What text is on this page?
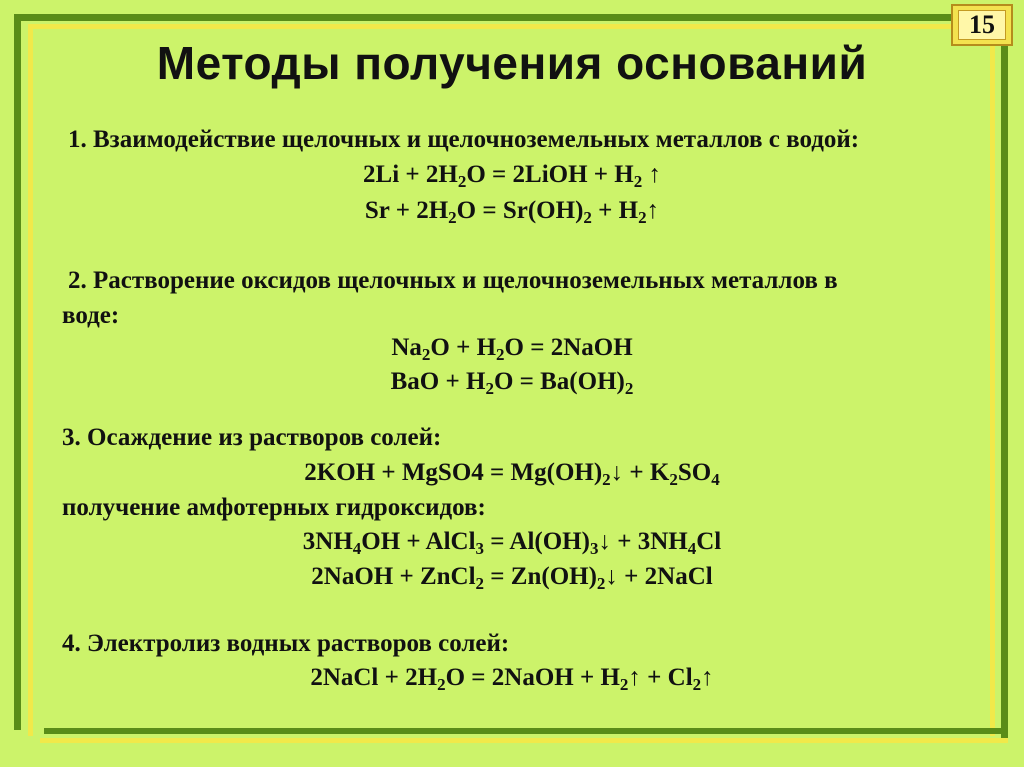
15
Методы получения оснований
1. Взаимодействие щелочных и щелочноземельных металлов с водой:
$2Li + 2H_2O$ = 2LiOH + $H_2$ ↑
$Sr + 2H_2O = Sr(OH)_2$ + $H_2↑$
2. Растворение оксидов щелочных и щелочноземельных металлов в
воде:
$Na_2O + H_2O$ = 2NaOH
BaO + $H_2O = Ba(OH)_2$
3. Осаждение из растворов солей:
2KOH + MgSO4 = $Mg(OH)_2↓ + K_2SO_4$
получение амфотерных гидроксидов:
$3NH_4OH$ + AlCl$_3$ = $Al(OH)_3↓ + 3NH_4Cl$
2NaOH + ZnCl$_2$ = $Zn(OH)_2↓$ + 2NaCl
4. Электролиз водных растворов солей:
2NaCl + $2H_2O$ = 2NaOH + $H_2↑$ + $Cl_2↑$
